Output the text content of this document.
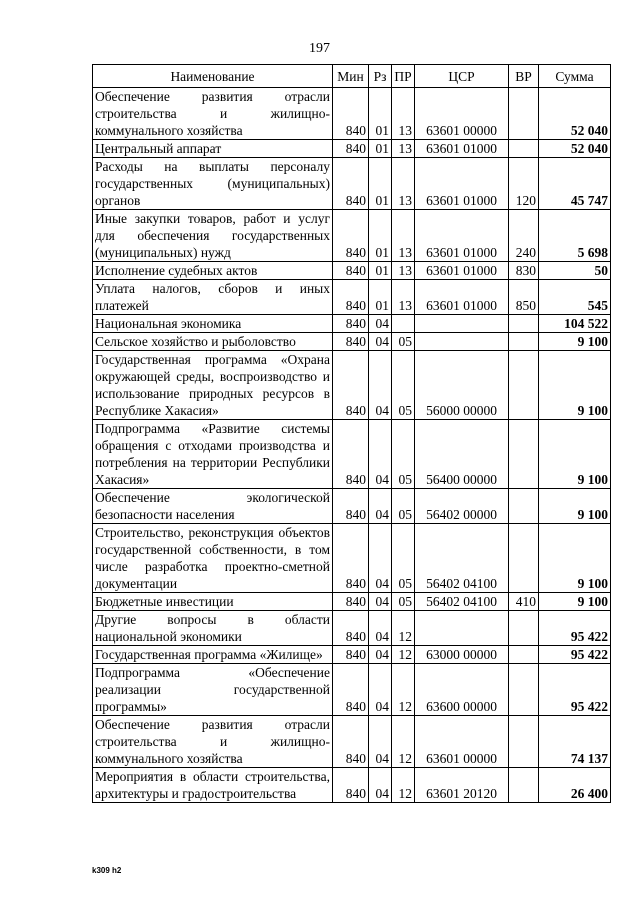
197
Наименование	Мин	Рз	ПР	ЦСР	ВР	Сумма
Обеспечение развития отрасли строительства и жилищно-коммунального хозяйства	840	01	13	63601 00000		52 040
Центральный аппарат	840	01	13	63601 01000		52 040
Расходы на выплаты персоналу государственных (муниципальных) органов	840	01	13	63601 01000	120	45 747
Иные закупки товаров, работ и услуг для обеспечения государственных (муниципальных) нужд	840	01	13	63601 01000	240	5 698
Исполнение судебных актов	840	01	13	63601 01000	830	50
Уплата налогов, сборов и иных платежей	840	01	13	63601 01000	850	545
Национальная экономика	840	04				104 522
Сельское хозяйство и рыболовство	840	04	05			9 100
Государственная программа «Охрана окружающей среды, воспроизводство и использование природных ресурсов в Республике Хакасия»	840	04	05	56000 00000		9 100
Подпрограмма «Развитие системы обращения с отходами производства и потребления на территории Республики Хакасия»	840	04	05	56400 00000		9 100
Обеспечение экологической безопасности населения	840	04	05	56402 00000		9 100
Строительство, реконструкция объектов государственной собственности, в том числе разработка проектно-сметной документации	840	04	05	56402 04100		9 100
Бюджетные инвестиции	840	04	05	56402 04100	410	9 100
Другие вопросы в области национальной экономики	840	04	12			95 422
Государственная программа «Жилище»	840	04	12	63000 00000		95 422
Подпрограмма «Обеспечение реализации государственной программы»	840	04	12	63600 00000		95 422
Обеспечение развития отрасли строительства и жилищно-коммунального хозяйства	840	04	12	63601 00000		74 137
Мероприятия в области строительства, архитектуры и градостроительства	840	04	12	63601 20120		26 400
k309 h2
